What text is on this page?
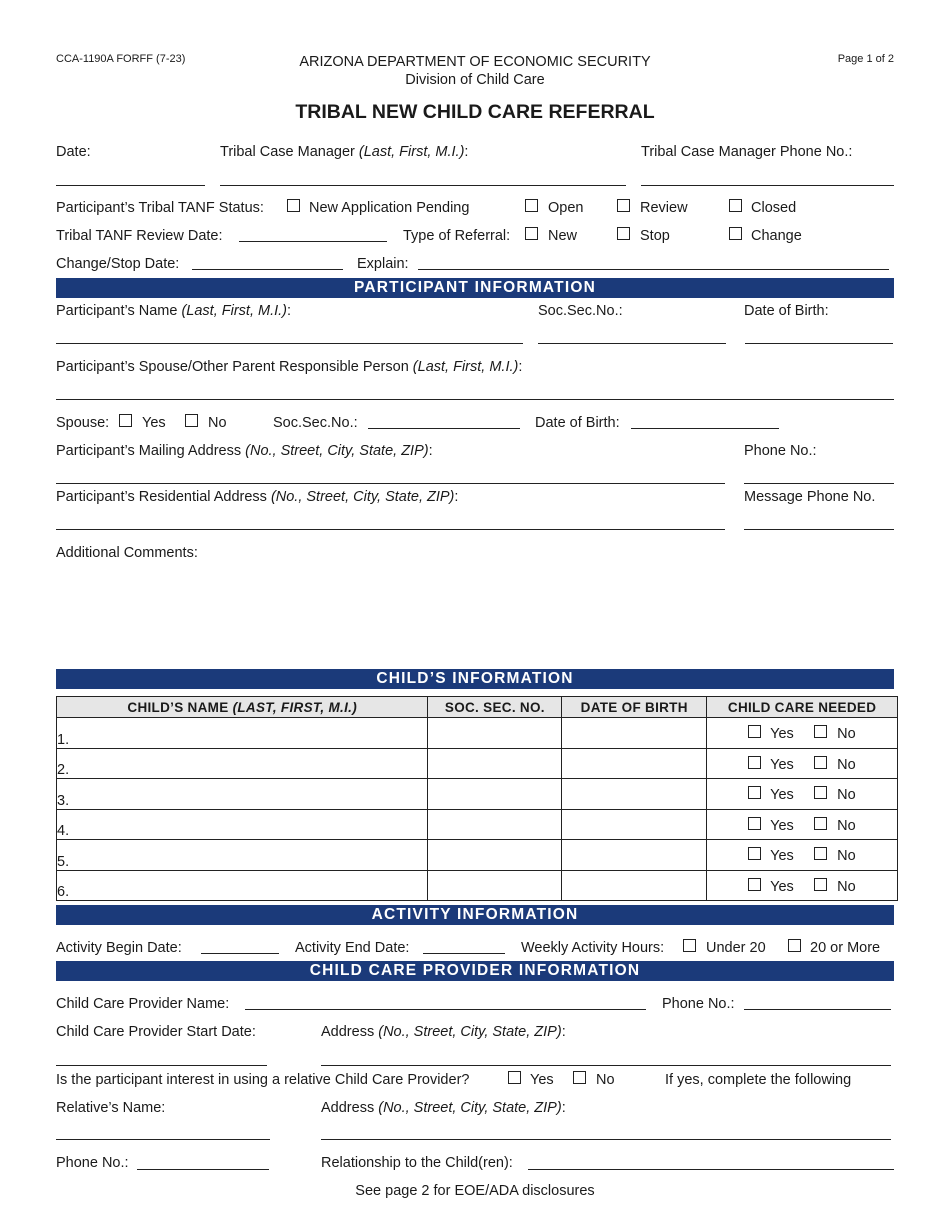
CCA-1190A FORFF (7-23)	ARIZONA DEPARTMENT OF ECONOMIC SECURITY
Division of Child Care
Page 1 of 2
TRIBAL NEW CHILD CARE REFERRAL
Date:	Tribal Case Manager (Last, First, M.I.):	Tribal Case Manager Phone No.:
Participant’s Tribal TANF Status:	New Application Pending	Open	Review	Closed
Tribal TANF Review Date:	Type of Referral:	New	Stop	Change
Change/Stop Date:	Explain:
PARTICIPANT INFORMATION
Participant’s Name (Last, First, M.I.):	Soc.Sec.No.:	Date of Birth:
Participant’s Spouse/Other Parent Responsible Person (Last, First, M.I.):
Spouse: Yes	No	Soc.Sec.No.:	Date of Birth:
Participant’s Mailing Address (No., Street, City, State, ZIP):	Phone No.:
Participant’s Residential Address (No., Street, City, State, ZIP):	Message Phone No.
Additional Comments:
CHILD’S INFORMATION
CHILD’S NAME (LAST, FIRST, M.I.)	SOC. SEC. NO.	DATE OF BIRTH	CHILD CARE NEEDED
1.			Yes No

2.			Yes No

3.			Yes No

4.			Yes No

5.			Yes No

6.			Yes No
ACTIVITY INFORMATION
Activity Begin Date:	Activity End Date:	Weekly Activity Hours:	Under 20	20 or More
CHILD CARE PROVIDER INFORMATION
Child Care Provider Name:	Phone No.:
Child Care Provider Start Date:	Address (No., Street, City, State, ZIP):
Is the participant interest in using a relative Child Care Provider?	Yes	No	If yes, complete the following
Relative’s Name:	Address (No., Street, City, State, ZIP):
Phone No.:	Relationship to the Child(ren):
See page 2 for EOE/ADA disclosures
